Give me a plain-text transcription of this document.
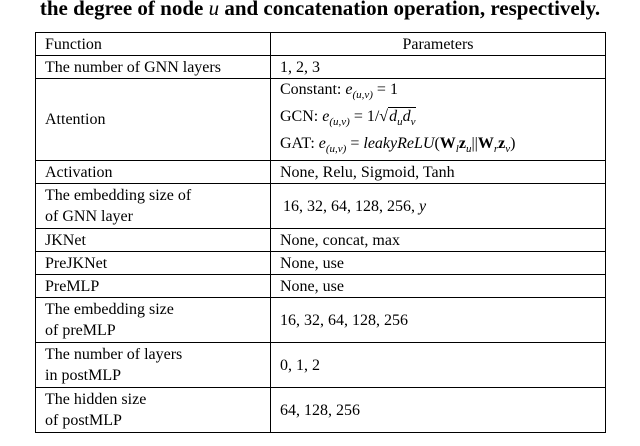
the degree of node u and concatenation operation, respectively.
Function	Parameters
The number of GNN layers	1, 2, 3
Attention	Constant: $e_{(u,v)} = 1$
GCN: $e_{(u,v)} = 1/√d_ud_v$
GAT: $e_{(u,v)}$ = $leakyReLU(W_lz_u||W_rz_v)$

Activation	None, Relu, Sigmoid, Tanh

The embedding size of
of GNN layer	16, 32, 64, 128, 256, y
JKNet	None, concat, max
PreJKNet	None, use
PreMLP	None, use

The embedding size
of preMLP	16, 32, 64, 128, 256

The number of layers
in postMLP	0, 1, 2

The hidden size
of postMLP	64, 128, 256
